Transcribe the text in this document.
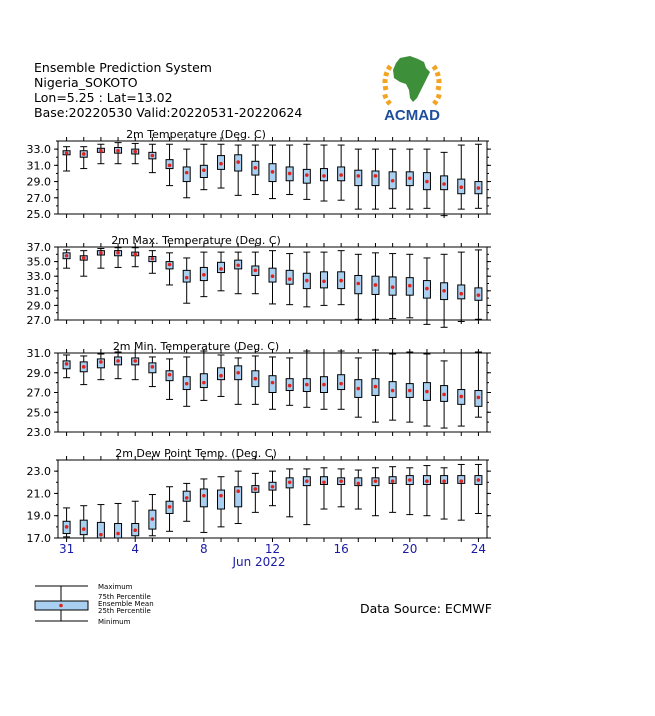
Ensemble Prediction System
Nigeria_SOKOTO
Lon=5.25 : Lat=13.02
Base:20220530 Valid:20220531-20220624	ACMAD
2m Temperature (Deg. C)
33.0
31.0
29.0
27.0
25.0
2m Max. Temperature (Deg. C)
37.0
35.0
33.0
31.0
29.0
27.0
2m Min. Temperature (Deg. C)
31.0
29.0
27.0
25.0
23.0
2m Dew Point Temp. (Deg. C)
23.0
21.0
19.0
17.0
31	4	8	12	16	20	24
Jun 2022
Maximum
75th Percentile
Ensemble Mean
25th Percentile
Minimum
Data Source: ECMWF
